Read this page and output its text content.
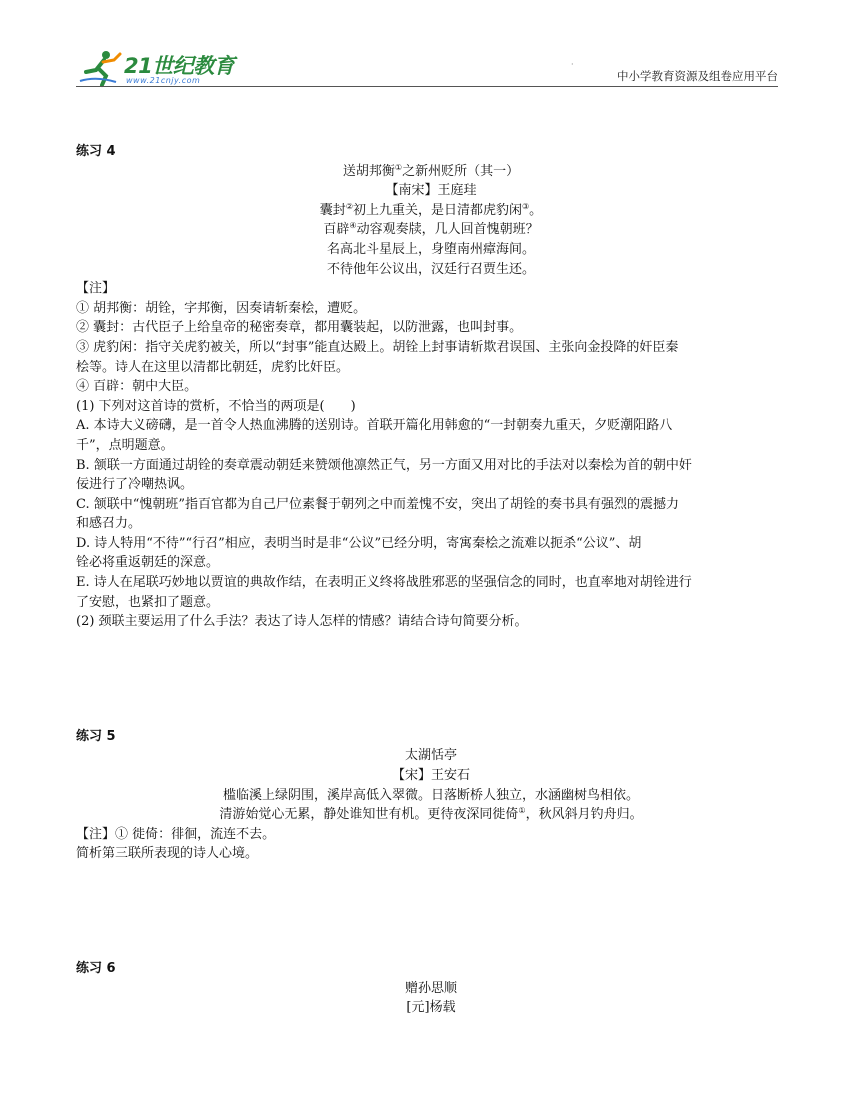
21世纪教育
www.21cnjy.com
·
中小学教育资源及组卷应用平台
练习 4
送胡邦衡①之新州贬所（其一）
【南宋】王庭珪
囊封②初上九重关，是日清都虎豹闲③。
百辟④动容观奏牍，几人回首愧朝班？
名高北斗星辰上，身堕南州瘴海间。
不待他年公议出，汉廷行召贾生还。
【注】
① 胡邦衡：胡铨，字邦衡，因奏请斩秦桧，遭贬。
② 囊封：古代臣子上给皇帝的秘密奏章，都用囊装起，以防泄露，也叫封事。
③ 虎豹闲：指守关虎豹被关，所以“封事”能直达殿上。胡铨上封事请斩欺君误国、主张向金投降的奸臣秦
桧等。诗人在这里以清都比朝廷，虎豹比奸臣。
④ 百辟：朝中大臣。
(1) 下列对这首诗的赏析，不恰当的两项是(　　)
A. 本诗大义磅礴，是一首令人热血沸腾的送别诗。首联开篇化用韩愈的“一封朝奏九重天，夕贬潮阳路八
千”，点明题意。
B. 颔联一方面通过胡铨的奏章震动朝廷来赞颂他凛然正气，另一方面又用对比的手法对以秦桧为首的朝中奸
佞进行了冷嘲热讽。
C. 颔联中“愧朝班”指百官都为自己尸位素餐于朝列之中而羞愧不安，突出了胡铨的奏书具有强烈的震撼力
和感召力。
D. 诗人特用“不待”“行召”相应，表明当时是非“公议”已经分明，寄寓秦桧之流难以扼杀“公议”、胡
铨必将重返朝廷的深意。
E. 诗人在尾联巧妙地以贾谊的典故作结，在表明正义终将战胜邪恶的坚强信念的同时，也直率地对胡铨进行
了安慰，也紧扣了题意。
(2) 颈联主要运用了什么手法？表达了诗人怎样的情感？请结合诗句简要分析。
练习 5
太湖恬亭
【宋】王安石
槛临溪上绿阴围，溪岸高低入翠微。日落断桥人独立，水涵幽树鸟相依。
清游始觉心无累，静处谁知世有机。更待夜深同徙倚①，秋风斜月钓舟归。
【注】① 徙倚：徘徊，流连不去。
简析第三联所表现的诗人心境。
练习 6
赠孙思顺
[元]杨载
